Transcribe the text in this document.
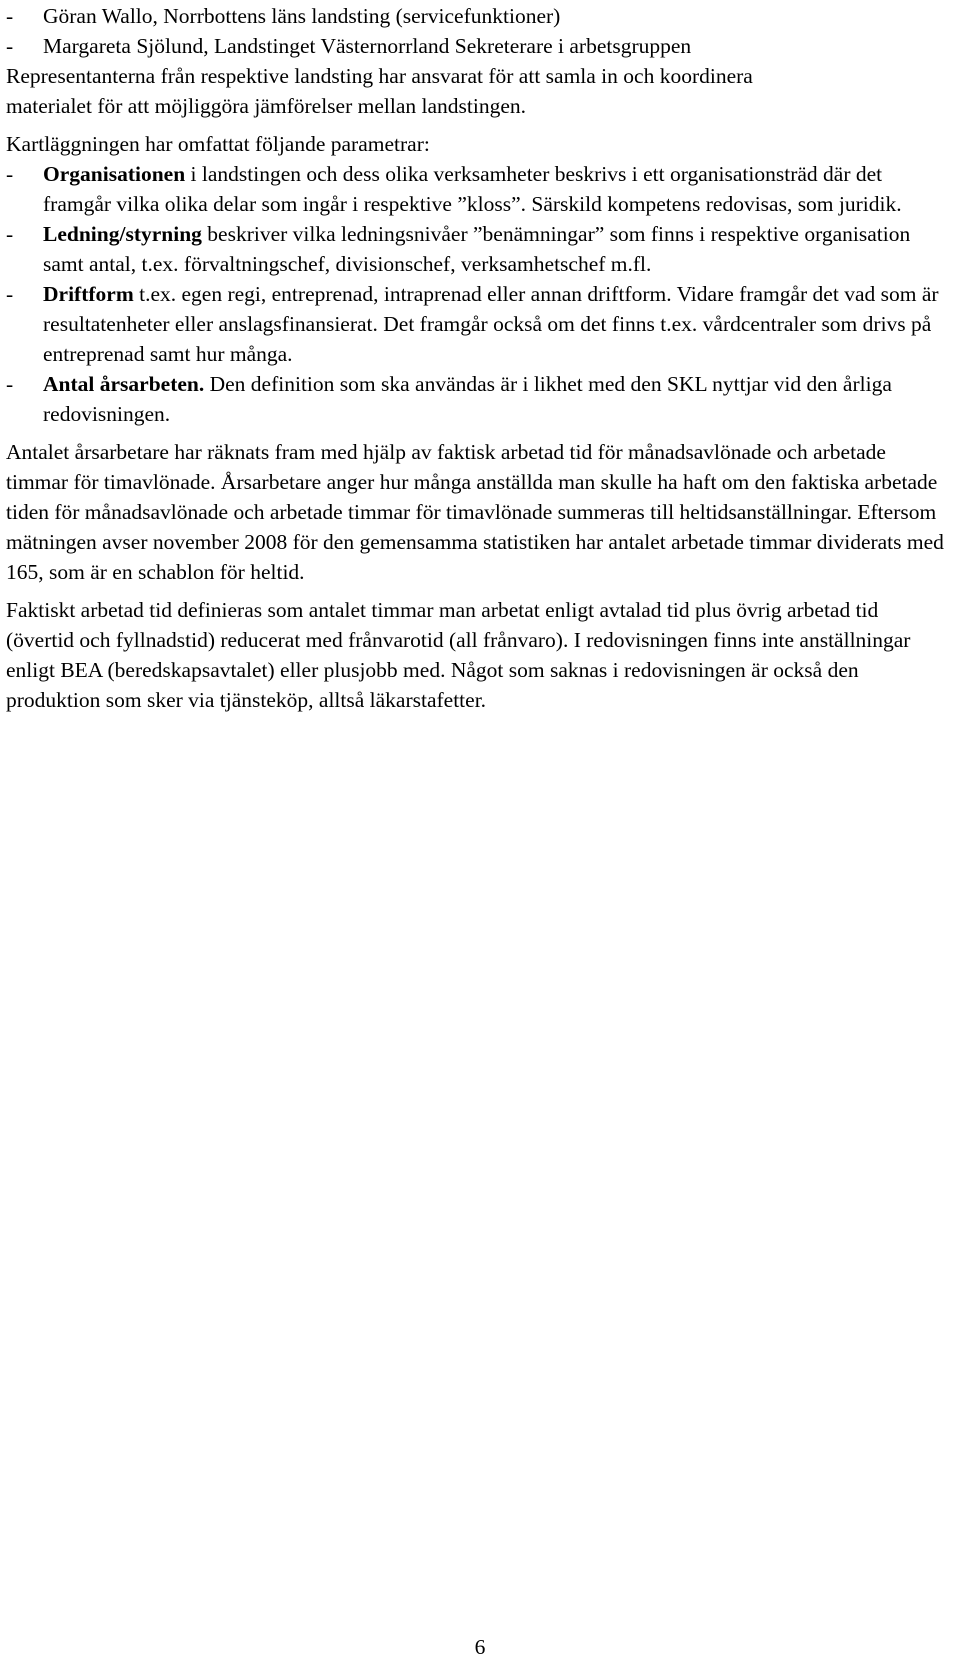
- Göran Wallo, Norrbottens läns landsting (servicefunktioner)
- Margareta Sjölund, Landstinget Västernorrland Sekreterare i arbetsgruppen

Representanterna från respektive landsting har ansvarat för att samla in och koordinera

materialet för att möjliggöra jämförelser mellan landstingen.

Kartläggningen har omfattat följande parametrar:

- Organisationen i landstingen och dess olika verksamheter beskrivs i ett organisationsträd där det framgår vilka olika delar som ingår i respektive ”kloss”. Särskild kompetens redovisas, som juridik.
- Ledning/styrning beskriver vilka ledningsnivåer ”benämningar” som finns i respektive organisation samt antal, t.ex. förvaltningschef, divisionschef, verksamhetschef m.fl.
- Driftform t.ex. egen regi, entreprenad, intraprenad eller annan driftform. Vidare framgår det vad som är resultatenheter eller anslagsfinansierat. Det framgår också om det finns t.ex. vårdcentraler som drivs på entreprenad samt hur många.
- Antal årsarbeten. Den definition som ska användas är i likhet med den SKL nyttjar vid den årliga redovisningen.

Antalet årsarbetare har räknats fram med hjälp av faktisk arbetad tid för månadsavlönade och arbetade timmar för timavlönade. Årsarbetare anger hur många anställda man skulle ha haft om den faktiska arbetade tiden för månadsavlönade och arbetade timmar för timavlönade summeras till heltidsanställningar. Eftersom mätningen avser november 2008 för den gemensamma statistiken har antalet arbetade timmar dividerats med 165, som är en schablon för heltid.

Faktiskt arbetad tid definieras som antalet timmar man arbetat enligt avtalad tid plus övrig arbetad tid (övertid och fyllnadstid) reducerat med frånvarotid (all frånvaro). I redovisningen finns inte anställningar enligt BEA (beredskapsavtalet) eller plusjobb med. Något som saknas i redovisningen är också den produktion som sker via tjänsteköp, alltså läkarstafetter.

6
